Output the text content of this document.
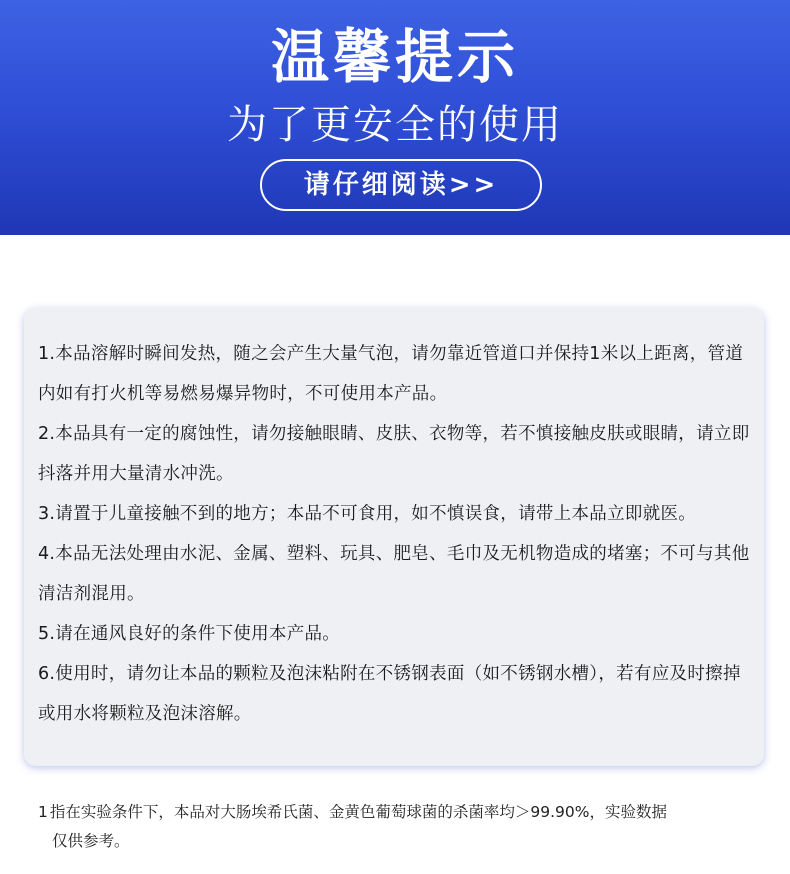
温馨提示
为了更安全的使用
请仔细阅读>>
1.本品溶解时瞬间发热，随之会产生大量气泡，请勿靠近管道口并保持1米以上距离，管道内如有打火机等易燃易爆异物时，不可使用本产品。
2.本品具有一定的腐蚀性，请勿接触眼睛、皮肤、衣物等，若不慎接触皮肤或眼睛，请立即抖落并用大量清水冲洗。
3.请置于儿童接触不到的地方；本品不可食用，如不慎误食，请带上本品立即就医。
4.本品无法处理由水泥、金属、塑料、玩具、肥皂、毛巾及无机物造成的堵塞；不可与其他清洁剂混用。
5.请在通风良好的条件下使用本产品。
6.使用时，请勿让本品的颗粒及泡沫粘附在不锈钢表面（如不锈钢水槽），若有应及时擦掉或用水将颗粒及泡沫溶解。
1 指在实验条件下，本品对大肠埃希氏菌、金黄色葡萄球菌的杀菌率均＞99.90%，实验数据
仅供参考。
